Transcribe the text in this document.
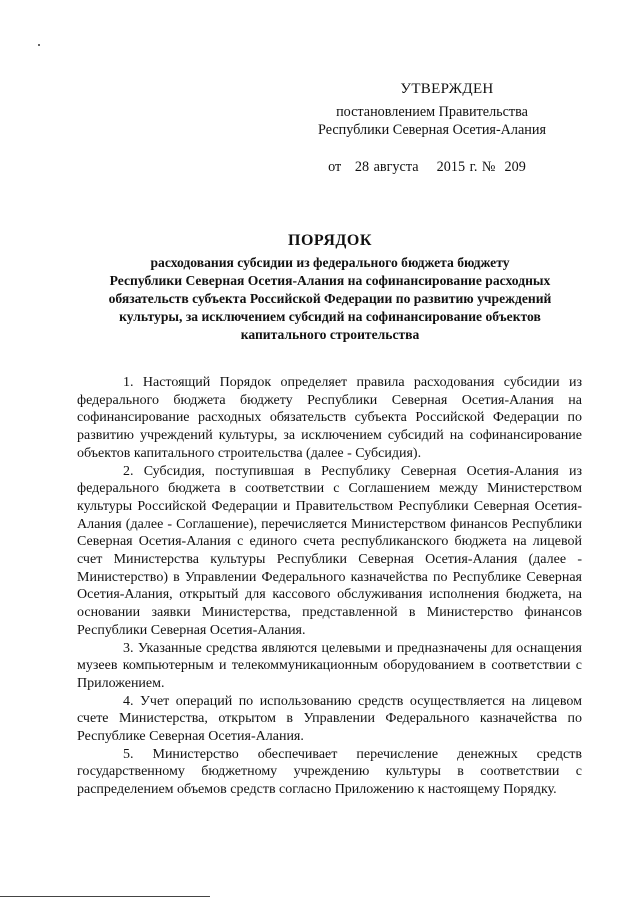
УТВЕРЖДЕН
постановлением Правительства
Республики Северная Осетия-Алания
от   28 августа    2015 г. №  209
ПОРЯДОК
расходования субсидии из федерального бюджета бюджету
Республики Северная Осетия-Алания на софинансирование расходных
обязательств субъекта Российской Федерации по развитию учреждений
культуры, за исключением субсидий на софинансирование объектов
капитального строительства

1. Настоящий Порядок определяет правила расходования субсидии из федерального бюджета бюджету Республики Северная Осетия-Алания на софинансирование расходных обязательств субъекта Российской Федерации по развитию учреждений культуры, за исключением субсидий на софинансирование объектов капитального строительства (далее - Субсидия).

2. Субсидия, поступившая в Республику Северная Осетия-Алания из федерального бюджета в соответствии с Соглашением между Министерством культуры Российской Федерации и Правительством Республики Северная Осетия-Алания (далее - Соглашение), перечисляется Министерством финансов Республики Северная Осетия-Алания с единого счета республиканского бюджета на лицевой счет Министерства культуры Республики Северная Осетия-Алания (далее - Министерство) в Управлении Федерального казначейства по Республике Северная Осетия-Алания, открытый для кассового обслуживания исполнения бюджета, на основании заявки Министерства, представленной в Министерство финансов Республики Северная Осетия-Алания.

3. Указанные средства являются целевыми и предназначены для оснащения музеев компьютерным и телекоммуникационным оборудованием в соответствии с Приложением.

4. Учет операций по использованию средств осуществляется на лицевом счете Министерства, открытом в Управлении Федерального казначейства по Республике Северная Осетия-Алания.

5. Министерство обеспечивает перечисление денежных средств государственному бюджетному учреждению культуры в соответствии с распределением объемов средств согласно Приложению к настоящему Порядку.
